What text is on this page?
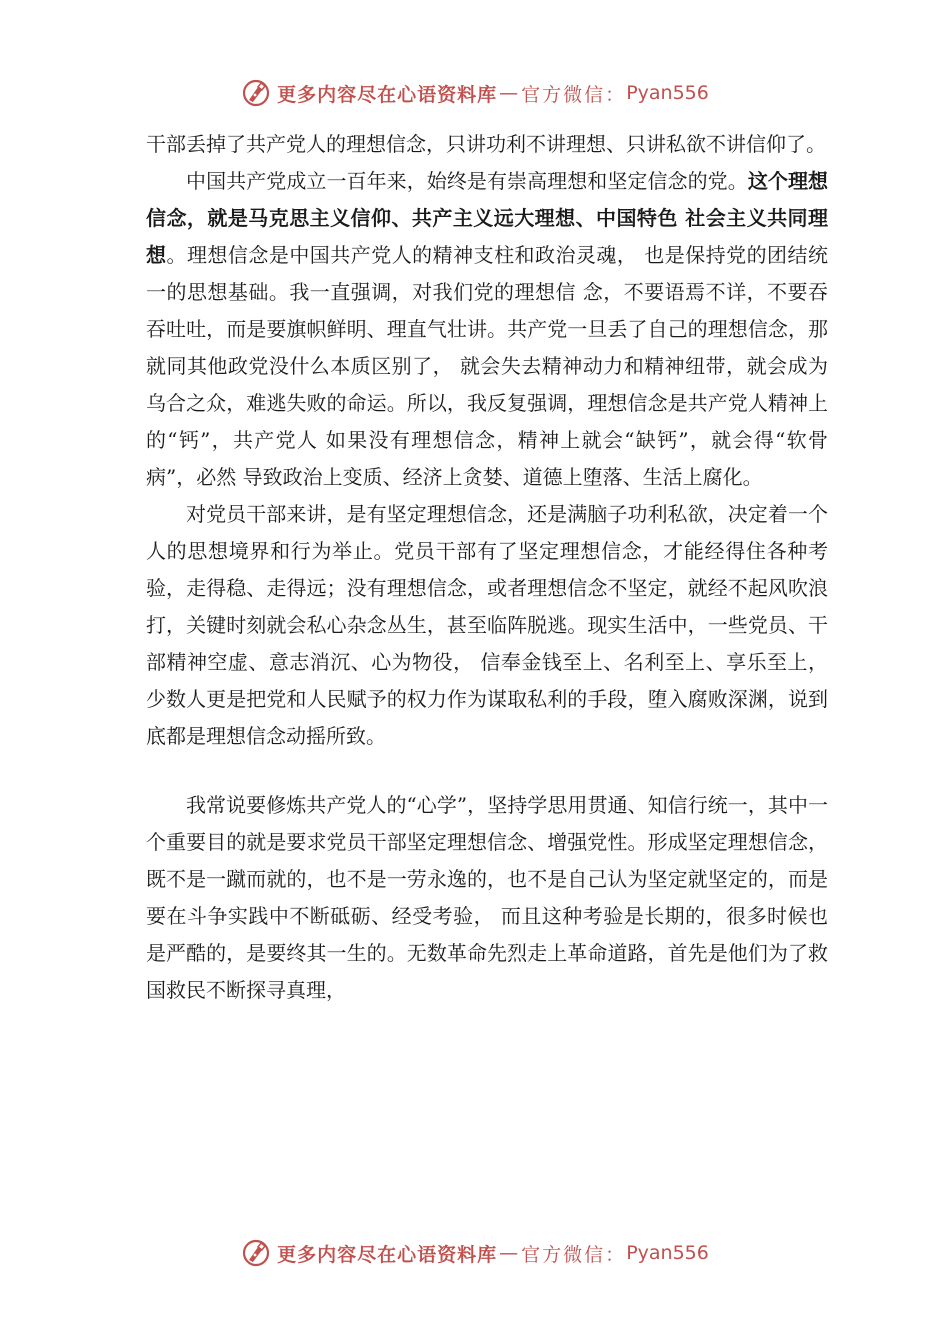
更多内容尽在心语资料库 — 官方微信： Pyan556

干部丢掉了共产党人的理想信念，只讲功利不讲理想、只讲私欲不讲信仰了。

中国共产党成立一百年来，始终是有崇高理想和坚定信念的党。这个理想信念，就是马克思主义信仰、共产主义远大理想、中国特色 社会主义共同理想。理想信念是中国共产党人的精神支柱和政治灵魂， 也是保持党的团结统一的思想基础。我一直强调，对我们党的理想信 念，不要语焉不详，不要吞吞吐吐，而是要旗帜鲜明、理直气壮讲。共产党一旦丢了自己的理想信念，那就同其他政党没什么本质区别了， 就会失去精神动力和精神纽带，就会成为乌合之众，难逃失败的命运。所以，我反复强调，理想信念是共产党人精神上的“钙”，共产党人 如果没有理想信念，精神上就会“缺钙”，就会得“软骨病”，必然 导致政治上变质、经济上贪婪、道德上堕落、生活上腐化。

对党员干部来讲，是有坚定理想信念，还是满脑子功利私欲，决定着一个人的思想境界和行为举止。党员干部有了坚定理想信念，才能经得住各种考验，走得稳、走得远；没有理想信念，或者理想信念不坚定，就经不起风吹浪打，关键时刻就会私心杂念丛生，甚至临阵脱逃。现实生活中，一些党员、干部精神空虚、意志消沉、心为物役， 信奉金钱至上、名利至上、享乐至上，少数人更是把党和人民赋予的权力作为谋取私利的手段，堕入腐败深渊，说到底都是理想信念动摇所致。

我常说要修炼共产党人的“心学”，坚持学思用贯通、知信行统一，其中一个重要目的就是要求党员干部坚定理想信念、增强党性。形成坚定理想信念，既不是一蹴而就的，也不是一劳永逸的，也不是自己认为坚定就坚定的，而是要在斗争实践中不断砥砺、经受考验， 而且这种考验是长期的，很多时候也是严酷的，是要终其一生的。无数革命先烈走上革命道路，首先是他们为了救国救民不断探寻真理，

更多内容尽在心语资料库 — 官方微信： Pyan556
